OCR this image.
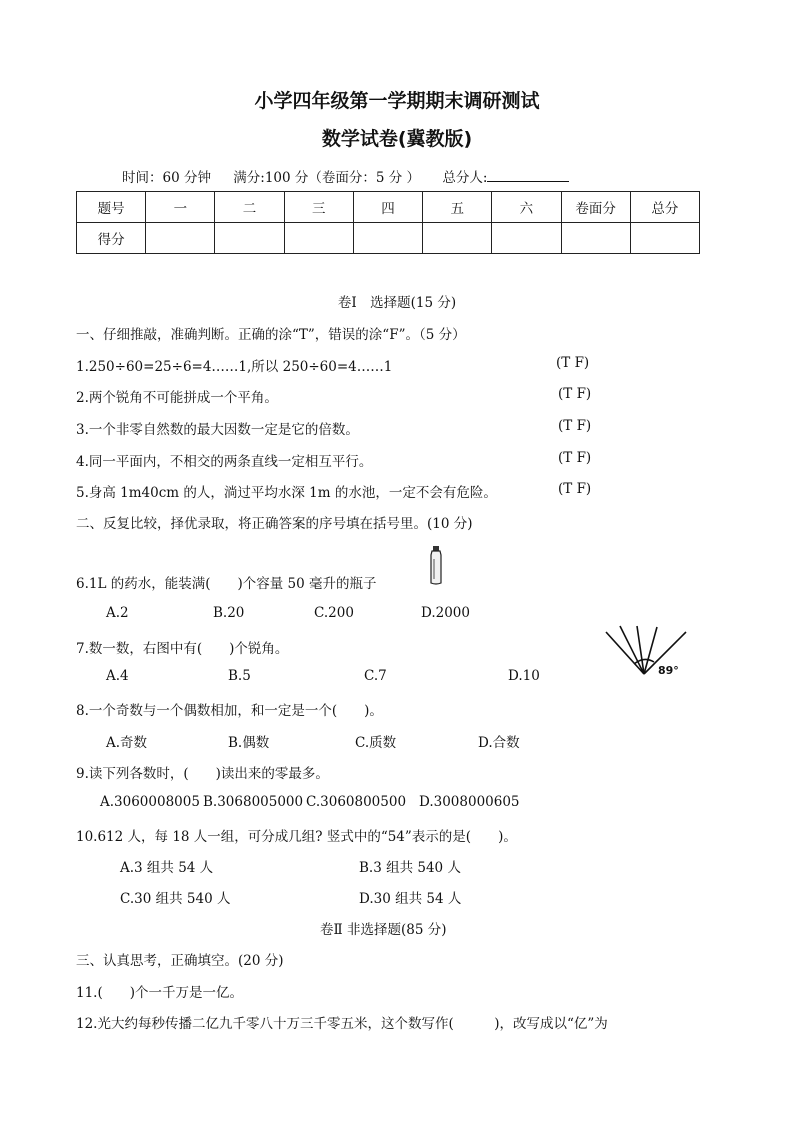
小学四年级第一学期期末调研测试
数学试卷(冀教版)
时间：60 分钟 满分:100 分（卷面分：5 分 ） 总分人:
题号	一	二	三	四	五	六	卷面分	总分
得分								
卷Ⅰ　选择题(15 分)
一、仔细推敲，准确判断。正确的涂“T”，错误的涂“F”。（5 分）
1.250÷60=25÷6=4……1,所以 250÷60=4……1	(T F)
2.两个锐角不可能拼成一个平角。	(T F)
3.一个非零自然数的最大因数一定是它的倍数。	(T F)
4.同一平面内，不相交的两条直线一定相互平行。	(T F)
5.身高 1m40cm 的人，淌过平均水深 1m 的水池，一定不会有危险。	(T F)
二、反复比较，择优录取，将正确答案的序号填在括号里。(10 分)
6.1L 的药水，能装满(　　)个容量 50 毫升的瓶子
A.2	B.20	C.200	D.2000
7.数一数，右图中有(　　)个锐角。
A.4	B.5	C.7	D.10	89°
8.一个奇数与一个偶数相加，和一定是一个(　　)。
A.奇数	B.偶数	C.质数	D.合数
9.读下列各数时，(　　)读出来的零最多。
A.3060008005 B.3068005000 C.3060800500 D.3008000605
10.612 人，每 18 人一组，可分成几组? 竖式中的“54”表示的是(　　)。
A.3 组共 54 人	B.3 组共 540 人
C.30 组共 540 人	D.30 组共 54 人
卷Ⅱ 非选择题(85 分)
三、认真思考，正确填空。(20 分)
11.(　　)个一千万是一亿。
12.光大约每秒传播二亿九千零八十万三千零五米，这个数写作(　　　)，改写成以“亿”为
